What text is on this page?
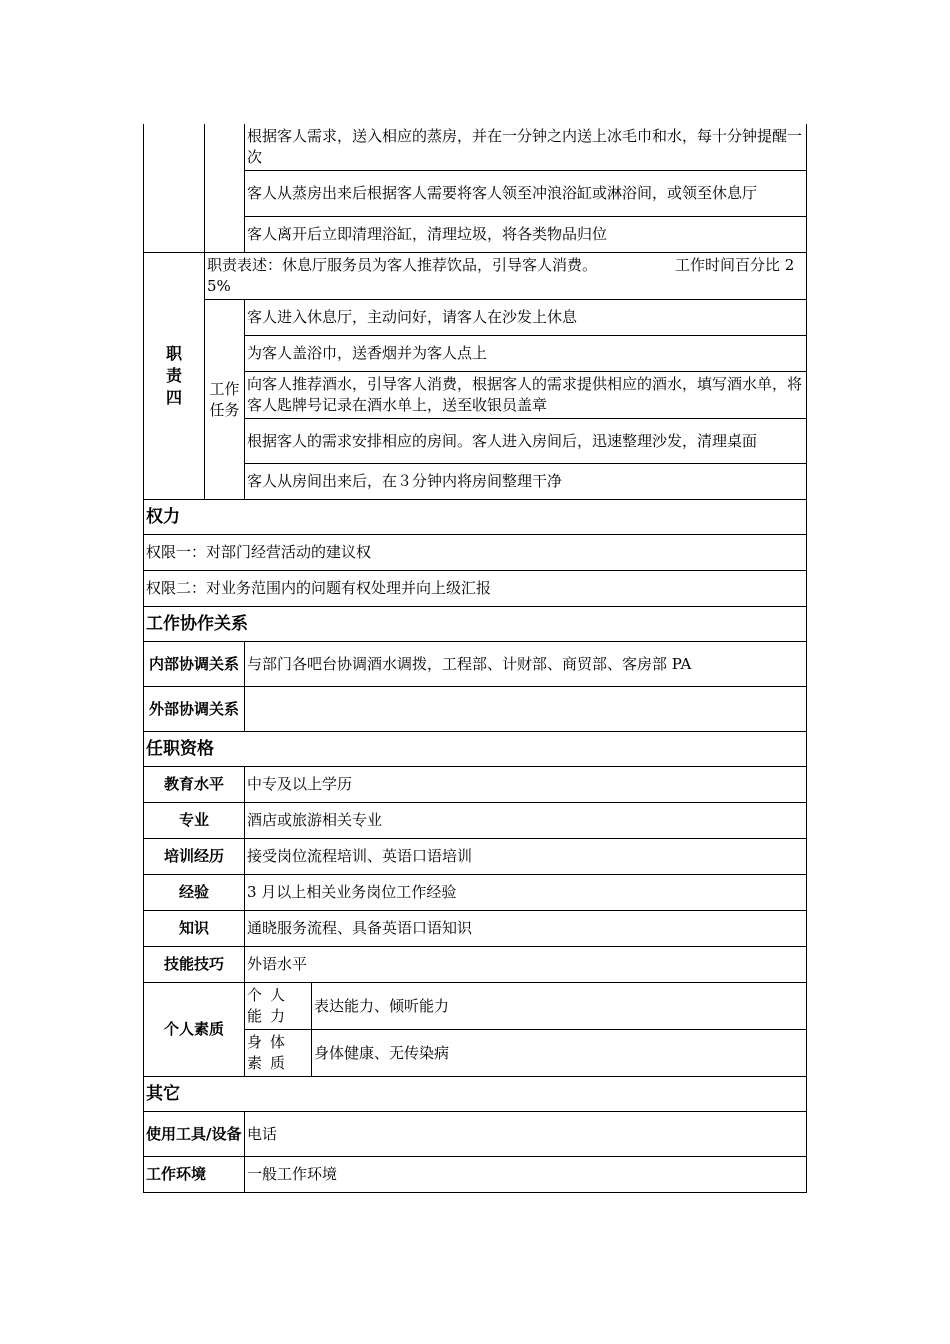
		根据客人需求，送入相应的蒸房，并在一分钟之内送上冰毛巾和水，每十分钟提醒一次	
		客人从蒸房出来后根据客人需要将客人领至冲浪浴缸或淋浴间，或领至休息厅	
		客人离开后立即清理浴缸，清理垃圾，将各类物品归位	

职责四	职责表述：休息厅服务员为客人推荐饮品，引导客人消费。 工作时间百分比 25%		

	工作任务	客人进入休息厅，主动问好，请客人在沙发上休息	
		为客人盖浴巾，送香烟并为客人点上	
		向客人推荐酒水，引导客人消费，根据客人的需求提供相应的酒水，填写酒水单，将客人匙牌号记录在酒水单上，送至收银员盖章	
		根据客人的需求安排相应的房间。客人进入房间后，迅速整理沙发，清理桌面	
		客人从房间出来后，在３分钟内将房间整理干净	
权力			
权限一：对部门经营活动的建议权			
权限二：对业务范围内的问题有权处理并向上级汇报			
工作协作关系			
内部协调关系		与部门各吧台协调酒水调拨，工程部、计财部、商贸部、客房部 PA	
外部协调关系			
任职资格			
教育水平		中专及以上学历	
专业		酒店或旅游相关专业	
培训经历		接受岗位流程培训、英语口语培训	
经验		3 月以上相关业务岗位工作经验	
知识		通晓服务流程、具备英语口语知识	
技能技巧		外语水平	
个人素质		个人能力	表达能力、倾听能力
		身体素质	身体健康、无传染病
其它			
使用工具/设备		电话	
工作环境		一般工作环境	
